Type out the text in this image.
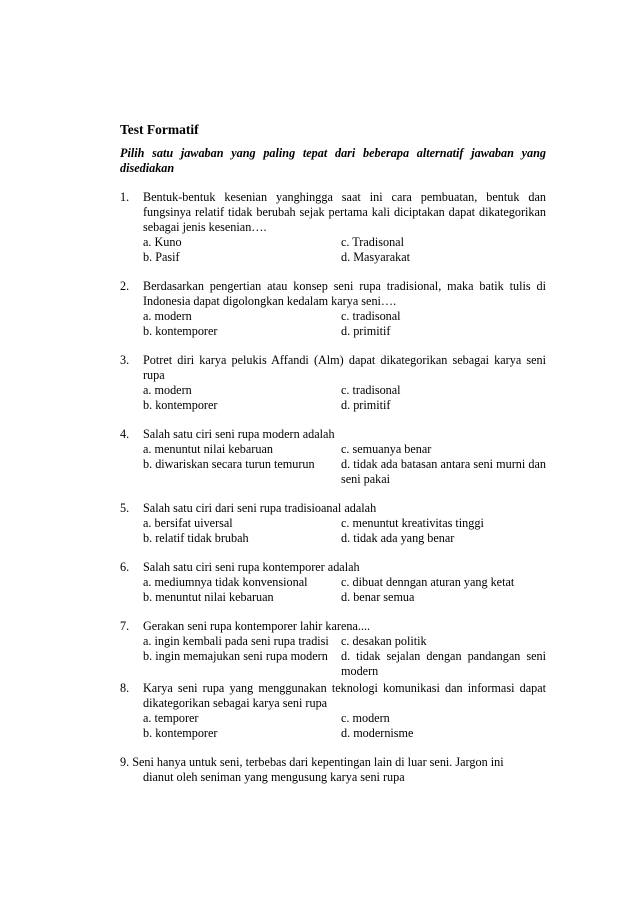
Test Formatif
Pilih satu jawaban yang paling tepat dari beberapa alternatif jawaban yang disediakan
1. Bentuk-bentuk kesenian yanghingga saat ini cara pembuatan, bentuk dan fungsinya relatif tidak berubah sejak pertama kali diciptakan dapat dikategorikan sebagai jenis kesenian….
a. Kuno	c. Tradisonal
b. Pasif	d. Masyarakat
2. Berdasarkan pengertian atau konsep seni rupa tradisional, maka batik tulis di Indonesia dapat digolongkan kedalam karya seni….
a. modern	c. tradisonal
b. kontemporer	d. primitif
3. Potret diri karya pelukis Affandi (Alm) dapat dikategorikan sebagai karya seni rupa
a. modern	c. tradisonal
b. kontemporer	d. primitif
4. Salah satu ciri seni rupa modern adalah
a. menuntut nilai kebaruan	c. semuanya benar
b. diwariskan secara turun temurun	d. tidak ada batasan antara seni murni dan seni pakai
5. Salah satu ciri dari seni rupa tradisioanal adalah
a. bersifat uiversal	c. menuntut kreativitas tinggi
b. relatif tidak brubah	d. tidak ada yang benar
6. Salah satu ciri seni rupa kontemporer adalah
a. mediumnya tidak konvensional	c. dibuat denngan aturan yang ketat
b. menuntut nilai kebaruan	d. benar semua
7. Gerakan seni rupa kontemporer lahir karena....
a. ingin kembali pada seni rupa tradisi c. desakan politik
b. ingin memajukan seni rupa modern	d. tidak sejalan dengan pandangan seni modern
8. Karya seni rupa yang menggunakan teknologi komunikasi dan informasi dapat dikategorikan sebagai karya seni rupa
a. temporer	c. modern
b. kontemporer	d. modernisme
9. Seni hanya untuk seni, terbebas dari kepentingan lain di luar seni. Jargon ini
dianut oleh seniman yang mengusung karya seni rupa
